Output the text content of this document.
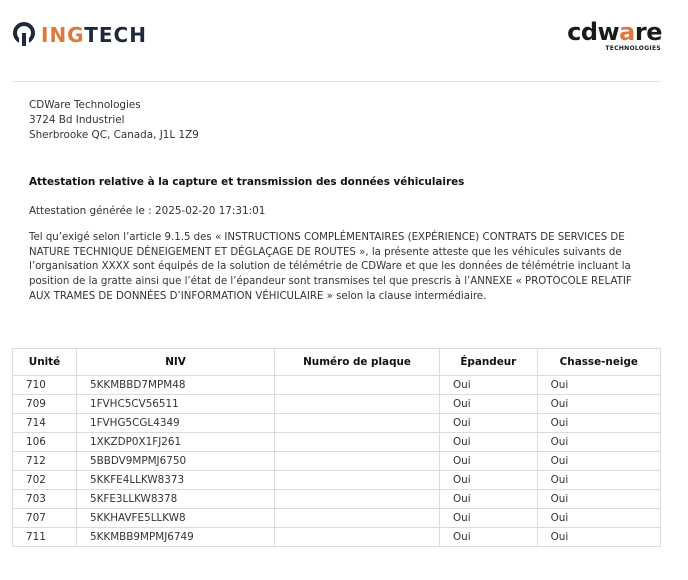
INGTECH	cdware
TECHNOLOGIES
CDWare Technologies
3724 Bd Industriel
Sherbrooke QC, Canada, J1L 1Z9
Attestation relative à la capture et transmission des données véhiculaires
Attestation générée le : 2025-02-20 17:31:01
Tel qu’exigé selon l’article 9.1.5 des « INSTRUCTIONS COMPLÉMENTAIRES (EXPÉRIENCE) CONTRATS DE SERVICES DE NATURE TECHNIQUE DÉNEIGEMENT ET DÉGLAÇAGE DE ROUTES », la présente atteste que les véhicules suivants de l’organisation XXXX sont équipés de la solution de télémétrie de CDWare et que les données de télémétrie incluant la position de la gratte ainsi que l’état de l’épandeur sont transmises tel que prescris à l’ANNEXE « PROTOCOLE RELATIF AUX TRAMES DE DONNÉES D’INFORMATION VÉHICULAIRE » selon la clause intermédiaire.
Unité	NIV	Numéro de plaque	Épandeur	Chasse-neige
710	5KKMBBD7MPM48		Oui	Oui
709	1FVHC5CV56511		Oui	Oui
714	1FVHG5CGL4349		Oui	Oui
106	1XKZDP0X1FJ261		Oui	Oui
712	5BBDV9MPMJ6750		Oui	Oui
702	5KKFE4LLKW8373		Oui	Oui
703	5KFE3LLKW8378		Oui	Oui
707	5KKHAVFE5LLKW8		Oui	Oui
711	5KKMBB9MPMJ6749		Oui	Oui
